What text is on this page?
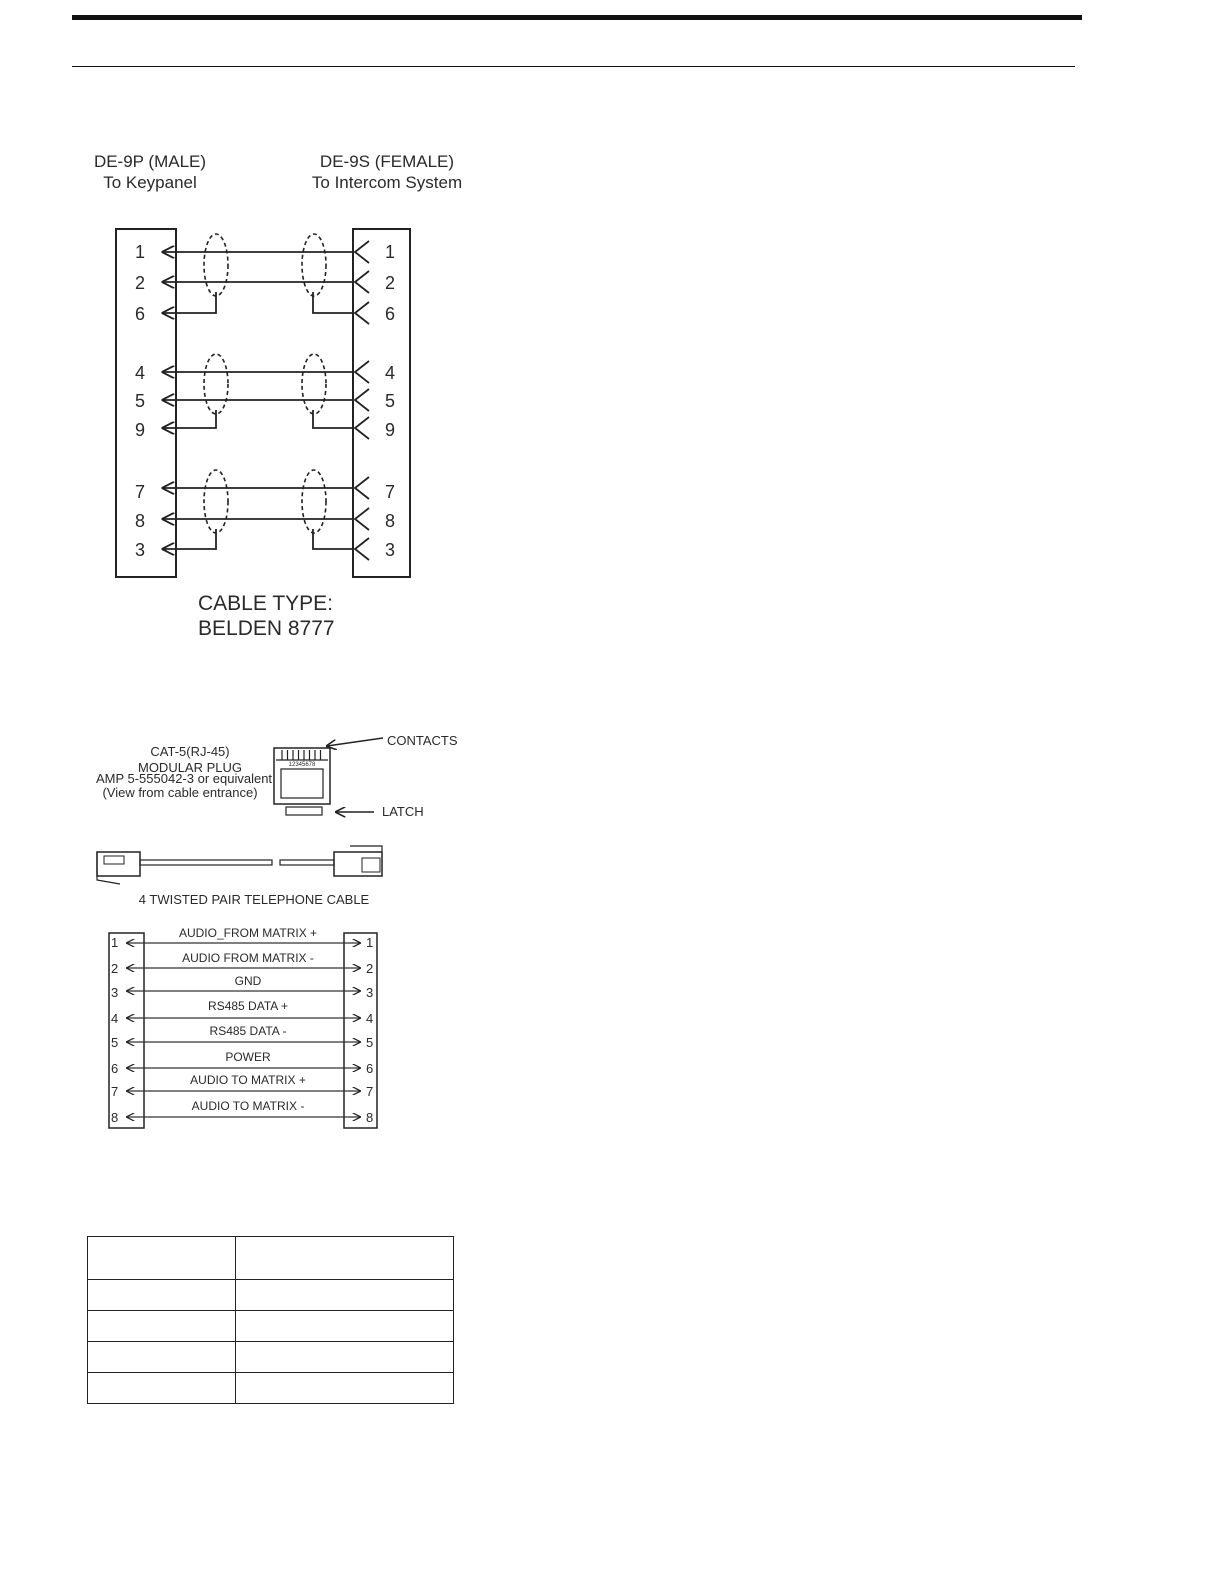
DE-9P (MALE)
To Keypanel
DE-9S (FEMALE)
To Intercom System
1
2
6
4
5
9
7
8
3
1
2
6
4
5
9
7
8
3
CABLE TYPE:
BELDEN 8777
CAT-5(RJ-45)
MODULAR PLUG
AMP 5-555042-3 or equivalent
(View from cable entrance)
12345678
CONTACTS
LATCH
4 TWISTED PAIR TELEPHONE CABLE
1
2
3
4
5
6
7
8
1
2
3
4
5
6
7
8
AUDIO_FROM MATRIX +
AUDIO FROM MATRIX -
GND
RS485 DATA +
RS485 DATA -
POWER
AUDIO TO MATRIX +
AUDIO TO MATRIX -
